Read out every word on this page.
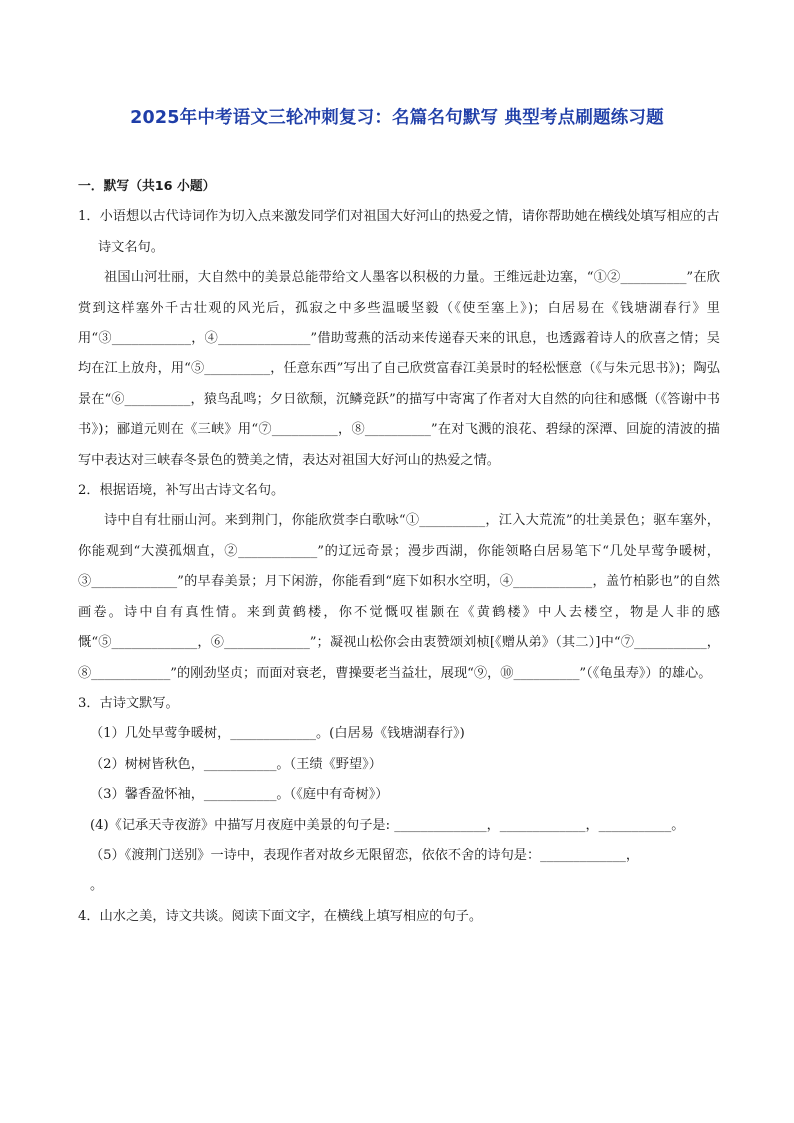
2025年中考语文三轮冲刺复习：名篇名句默写 典型考点刷题练习题

一．默写（共16 小题）

1．小语想以古代诗词作为切入点来激发同学们对祖国大好河山的热爱之情，请你帮助她在横线处填写相应的古诗文名句。

祖国山河壮丽，大自然中的美景总能带给文人墨客以积极的力量。王维远赴边塞，“①②__________”在欣赏到这样塞外千古壮观的风光后，孤寂之中多些温暖坚毅（《使至塞上》)；白居易在《钱塘湖春行》里用“③____________，④______________”借助莺燕的活动来传递春天来的讯息，也透露着诗人的欣喜之情；吴均在江上放舟，用“⑤__________，任意东西”写出了自己欣赏富春江美景时的轻松惬意（《与朱元思书》)；陶弘景在“⑥__________，猿鸟乱鸣；夕日欲颓，沉鳞竞跃”的描写中寄寓了作者对大自然的向往和感慨（《答谢中书书》)；郦道元则在《三峡》用“⑦__________，⑧__________”在对飞溅的浪花、碧绿的深潭、回旋的清波的描写中表达对三峡春冬景色的赞美之情，表达对祖国大好河山的热爱之情。

2．根据语境，补写出古诗文名句。

诗中自有壮丽山河。来到荆门，你能欣赏李白歌咏“①__________，江入大荒流”的壮美景色；驱车塞外，你能观到“大漠孤烟直，②____________”的辽远奇景；漫步西湖，你能领略白居易笔下“几处早莺争暖树，③_____________”的早春美景；月下闲游，你能看到“庭下如积水空明，④____________，盖竹柏影也”的自然画卷。诗中自有真性情。来到黄鹤楼，你不觉慨叹崔颢在《黄鹤楼》中人去楼空，物是人非的感慨“⑤_____________，⑥_____________”；凝视山松你会由衷赞颂刘桢[《赠从弟》（其二）]中“⑦___________，⑧____________”的刚劲坚贞；而面对衰老，曹操要老当益壮，展现“⑨，⑩__________”（《龟虽寿》）的雄心。

3．古诗文默写。

（1）几处早莺争暖树，_____________。(白居易《钱塘湖春行》)

（2）树树皆秋色，___________。（王绩《野望》）

（3）馨香盈怀袖，___________。（《庭中有奇树》）

(4)《记承天寺夜游》中描写月夜庭中美景的句子是: ______________，_____________，___________。

（5）《渡荆门送别》一诗中，表现作者对故乡无限留恋，依依不舍的诗句是：_____________，

。

4．山水之美，诗文共谈。阅读下面文字，在横线上填写相应的句子。
